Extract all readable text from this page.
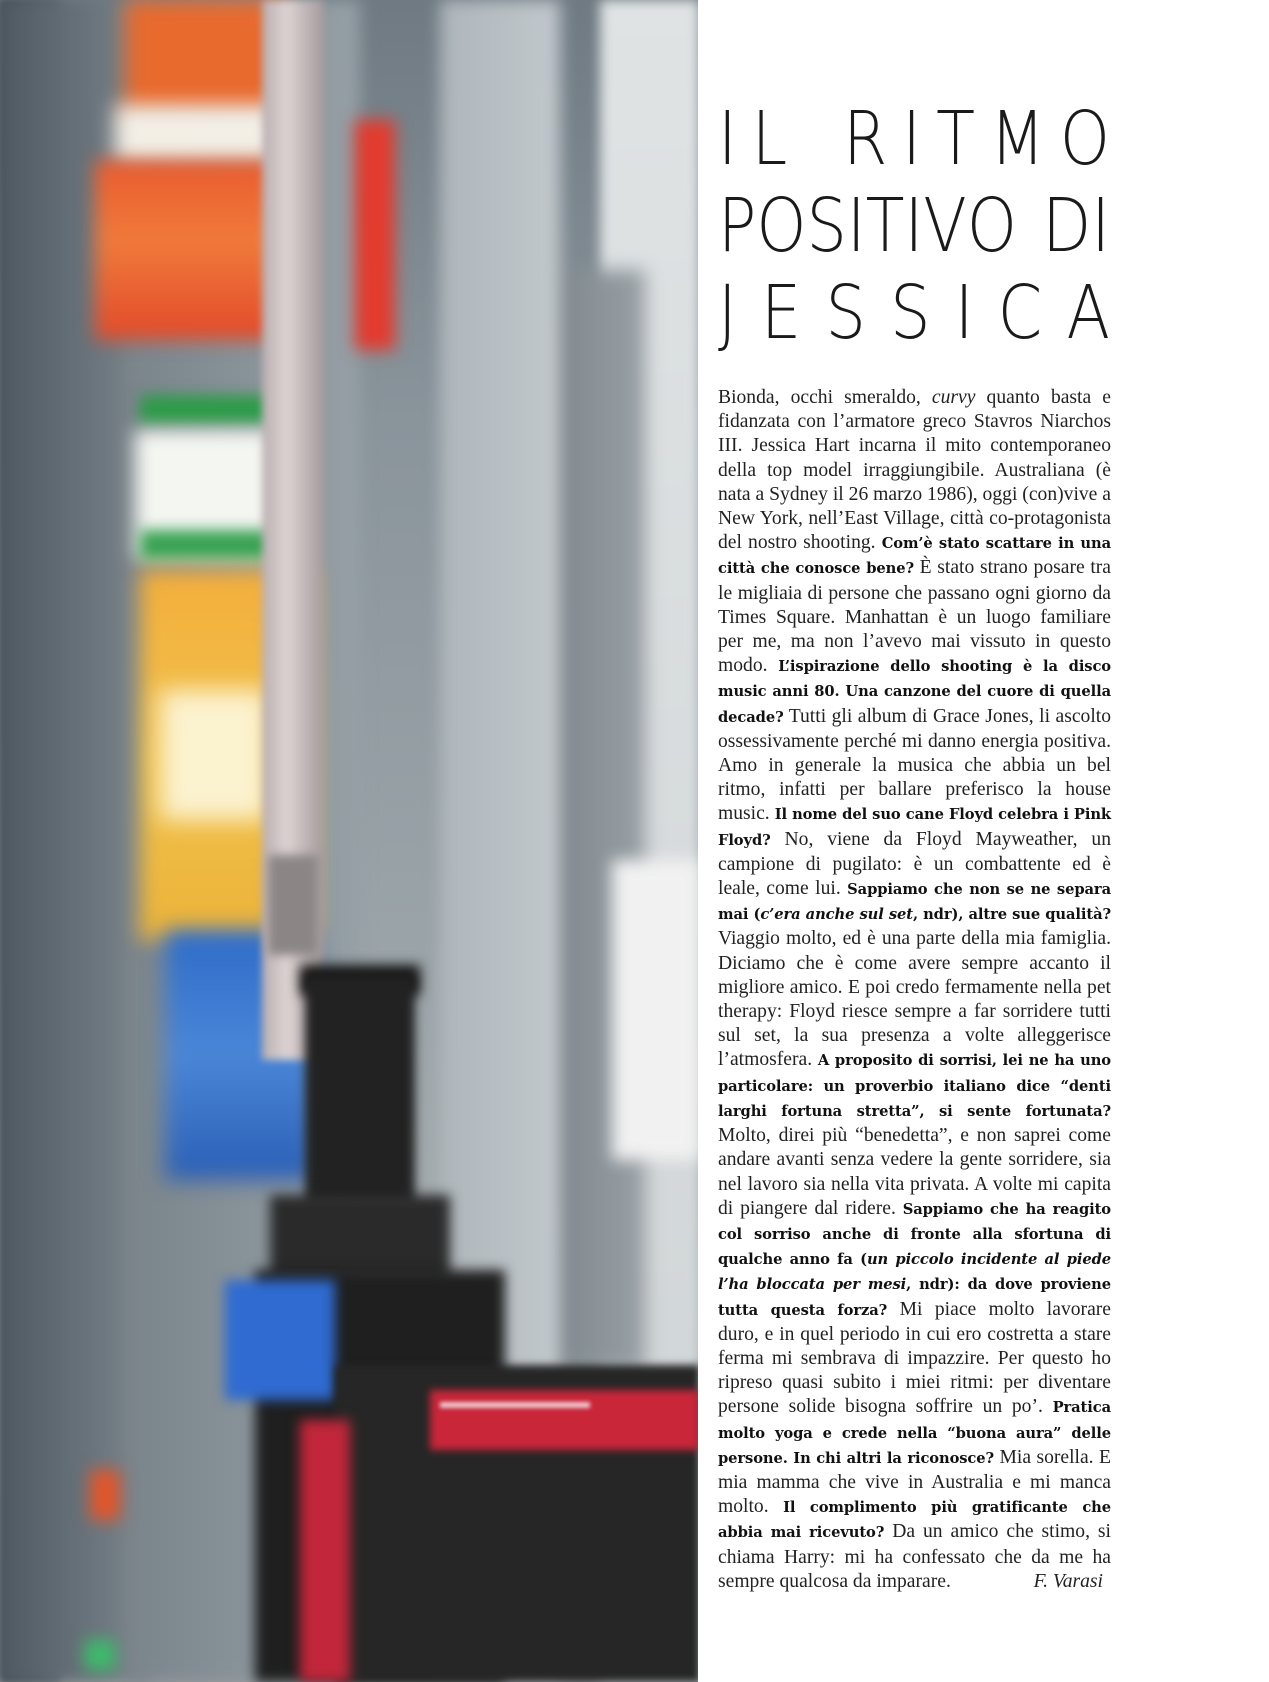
I L R I T M O
P O S I T I V O D I
J E S S I C A

Bionda, occhi smeraldo, curvy quanto basta e fidanzata con l’armatore greco Stavros Niarchos III. Jessica Hart incarna il mito contemporaneo della top model irraggiungibile. Australiana (è nata a Sydney il 26 marzo 1986), oggi (con)vive a New York, nell’East Village, città co-protagonista del nostro shooting. Com’è stato scattare in una città che conosce bene? È stato strano posare tra le migliaia di persone che passano ogni giorno da Times Square. Manhattan è un luogo familiare per me, ma non l’avevo mai vissuto in questo modo. L’ispirazione dello shooting è la disco music anni 80. Una canzone del cuore di quella decade? Tutti gli album di Grace Jones, li ascolto ossessivamente perché mi danno energia positiva. Amo in generale la musica che abbia un bel ritmo, infatti per ballare preferisco la house music. Il nome del suo cane Floyd celebra i Pink Floyd? No, viene da Floyd Mayweather, un campione di pugilato: è un combattente ed è leale, come lui. Sappiamo che non se ne separa mai (c’era anche sul set, ndr), altre sue qualità? Viaggio molto, ed è una parte della mia famiglia. Diciamo che è come avere sempre accanto il migliore amico. E poi credo fermamente nella pet therapy: Floyd riesce sempre a far sorridere tutti sul set, la sua presenza a volte alleggerisce l’atmosfera. A proposito di sorrisi, lei ne ha uno particolare: un proverbio italiano dice “denti larghi fortuna stretta”, si sente fortunata? Molto, direi più “benedetta”, e non saprei come andare avanti senza vedere la gente sorridere, sia nel lavoro sia nella vita privata. A volte mi capita di piangere dal ridere. Sappiamo che ha reagito col sorriso anche di fronte alla sfortuna di qualche anno fa (un piccolo incidente al piede l’ha bloccata per mesi, ndr): da dove proviene tutta questa forza? Mi piace molto lavorare duro, e in quel periodo in cui ero costretta a stare ferma mi sembrava di impazzire. Per questo ho ripreso quasi subito i miei ritmi: per diventare persone solide bisogna soffrire un po’. Pratica molto yoga e crede nella “buona aura” delle persone. In chi altri la riconosce? Mia sorella. E mia mamma che vive in Australia e mi manca molto. Il complimento più gratificante che abbia mai ricevuto? Da un amico che stimo, si chiama Harry: mi ha confessato che da me ha sempre qualcosa da imparare.	F. Varasi
